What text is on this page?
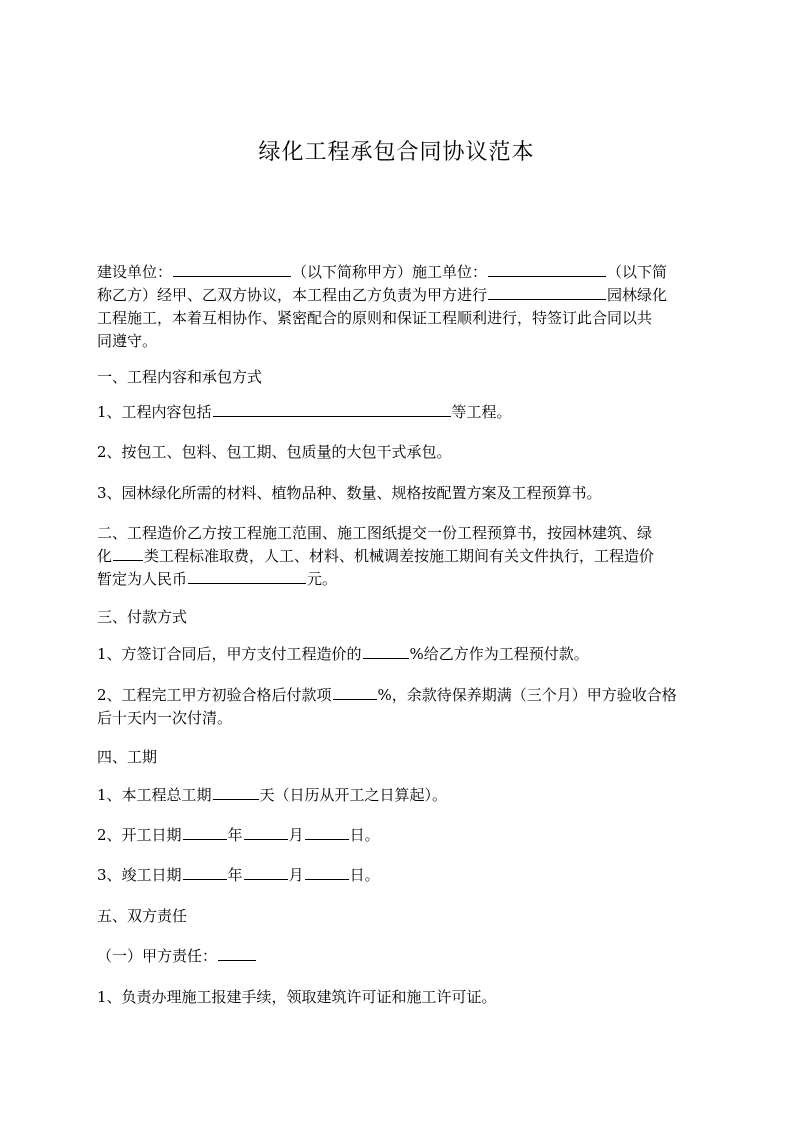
绿化工程承包合同协议范本
建设单位：	（以下简称甲方）施工单位：	（以下简
称乙方）经甲、乙双方协议，本工程由乙方负责为甲方进行	园林绿化
工程施工，本着互相协作、紧密配合的原则和保证工程顺利进行，特签订此合同以共
同遵守。
一、工程内容和承包方式
1、工程内容包括	等工程。
2、按包工、包料、包工期、包质量的大包干式承包。
3、园林绿化所需的材料、植物品种、数量、规格按配置方案及工程预算书。
二、工程造价乙方按工程施工范围、施工图纸提交一份工程预算书，按园林建筑、绿
化 类工程标准取费，人工、材料、机械调差按施工期间有关文件执行，工程造价
暂定为人民币	元。
三、付款方式
1、方签订合同后，甲方支付工程造价的	%给乙方作为工程预付款。
2、工程完工甲方初验合格后付款项	%，余款待保养期满（三个月）甲方验收合格
后十天内一次付清。
四、工期
1、本工程总工期	天（日历从开工之日算起）。
2、开工日期	年	月	日。
3、竣工日期	年	月	日。
五、双方责任
（一）甲方责任：
1、负责办理施工报建手续，领取建筑许可证和施工许可证。
